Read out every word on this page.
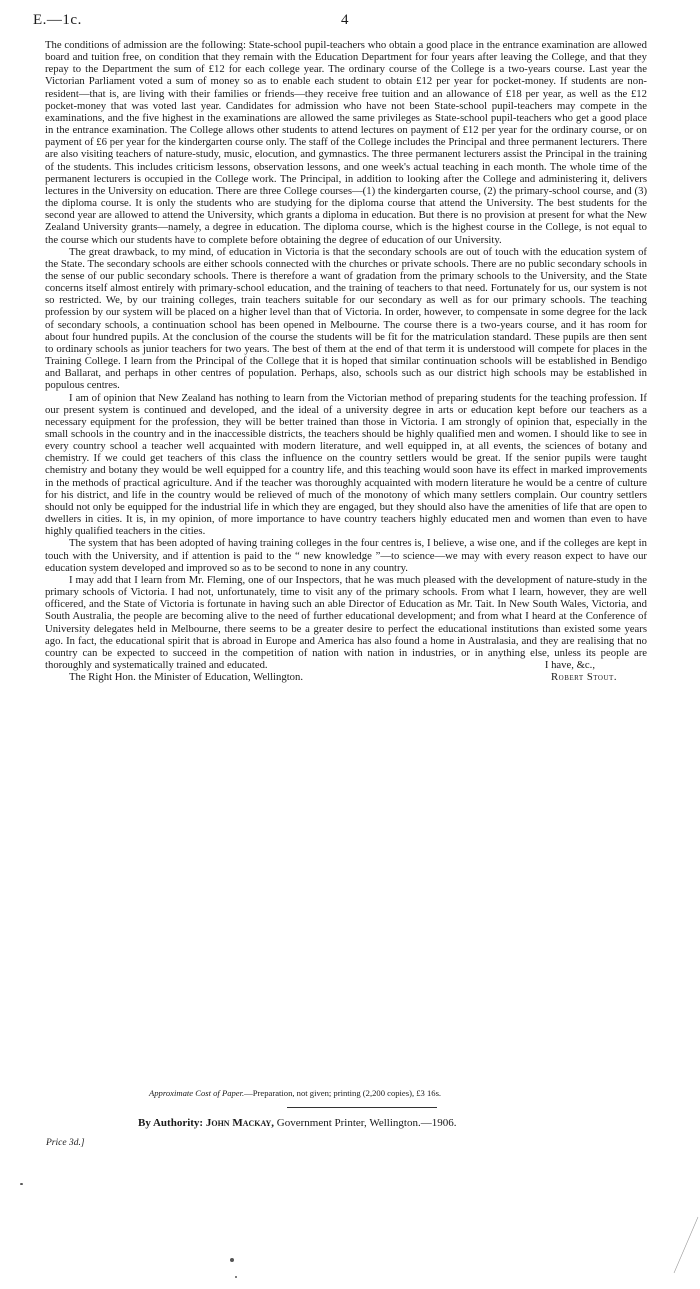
E.—1c.	4

The conditions of admission are the following: State-school pupil-teachers who obtain a good place in the entrance examination are allowed board and tuition free, on condition that they remain with the Education Department for four years after leaving the College, and that they repay to the Department the sum of £12 for each college year. The ordinary course of the College is a two-years course. Last year the Victorian Parliament voted a sum of money so as to enable each student to obtain £12 per year for pocket-money. If students are non-resident—that is, are living with their families or friends—they receive free tuition and an allowance of £18 per year, as well as the £12 pocket-money that was voted last year. Candidates for admission who have not been State-school pupil-teachers may compete in the examinations, and the five highest in the examinations are allowed the same privileges as State-school pupil-teachers who get a good place in the entrance examination. The College allows other students to attend lectures on payment of £12 per year for the ordinary course, or on payment of £6 per year for the kindergarten course only. The staff of the College includes the Principal and three permanent lecturers. There are also visiting teachers of nature-study, music, elocution, and gymnastics. The three permanent lecturers assist the Principal in the training of the students. This includes criticism lessons, observation lessons, and one week's actual teaching in each month. The whole time of the permanent lecturers is occupied in the College work. The Principal, in addition to looking after the College and administering it, delivers lectures in the University on education. There are three College courses—(1) the kindergarten course, (2) the primary-school course, and (3) the diploma course. It is only the students who are studying for the diploma course that attend the University. The best students for the second year are allowed to attend the University, which grants a diploma in education. But there is no provision at present for what the New Zealand University grants—namely, a degree in education. The diploma course, which is the highest course in the College, is not equal to the course which our students have to complete before obtaining the degree of education of our University.

The great drawback, to my mind, of education in Victoria is that the secondary schools are out of touch with the education system of the State. The secondary schools are either schools connected with the churches or private schools. There are no public secondary schools in the sense of our public secondary schools. There is therefore a want of gradation from the primary schools to the University, and the State concerns itself almost entirely with primary-school education, and the training of teachers to that need. Fortunately for us, our system is not so restricted. We, by our training colleges, train teachers suitable for our secondary as well as for our primary schools. The teaching profession by our system will be placed on a higher level than that of Victoria. In order, however, to compensate in some degree for the lack of secondary schools, a continuation school has been opened in Melbourne. The course there is a two-years course, and it has room for about four hundred pupils. At the conclusion of the course the students will be fit for the matriculation standard. These pupils are then sent to ordinary schools as junior teachers for two years. The best of them at the end of that term it is understood will compete for places in the Training College. I learn from the Principal of the College that it is hoped that similar continuation schools will be established in Bendigo and Ballarat, and perhaps in other centres of population. Perhaps, also, schools such as our district high schools may be established in populous centres.

I am of opinion that New Zealand has nothing to learn from the Victorian method of preparing students for the teaching profession. If our present system is continued and developed, and the ideal of a university degree in arts or education kept before our teachers as a necessary equipment for the profession, they will be better trained than those in Victoria. I am strongly of opinion that, especially in the small schools in the country and in the inaccessible districts, the teachers should be highly qualified men and women. I should like to see in every country school a teacher well acquainted with modern literature, and well equipped in, at all events, the sciences of botany and chemistry. If we could get teachers of this class the influence on the country settlers would be great. If the senior pupils were taught chemistry and botany they would be well equipped for a country life, and this teaching would soon have its effect in marked improvements in the methods of practical agriculture. And if the teacher was thoroughly acquainted with modern literature he would be a centre of culture for his district, and life in the country would be relieved of much of the monotony of which many settlers complain. Our country settlers should not only be equipped for the industrial life in which they are engaged, but they should also have the amenities of life that are open to dwellers in cities. It is, in my opinion, of more importance to have country teachers highly educated men and women than even to have highly qualified teachers in the cities.

The system that has been adopted of having training colleges in the four centres is, I believe, a wise one, and if the colleges are kept in touch with the University, and if attention is paid to the “ new knowledge ”—to science—we may with every reason expect to have our education system developed and improved so as to be second to none in any country.

I may add that I learn from Mr. Fleming, one of our Inspectors, that he was much pleased with the development of nature-study in the primary schools of Victoria. I had not, unfortunately, time to visit any of the primary schools. From what I learn, however, they are well officered, and the State of Victoria is fortunate in having such an able Director of Education as Mr. Tait. In New South Wales, Victoria, and South Australia, the people are becoming alive to the need of further educational development; and from what I heard at the Conference of University delegates held in Melbourne, there seems to be a greater desire to perfect the educational institutions than existed some years ago. In fact, the educational spirit that is abroad in Europe and America has also found a home in Australasia, and they are realising that no country can be expected to succeed in the competition of nation with nation in industries, or in anything else, unless its people are thoroughly and systematically trained and educated.	I have, &c.,

The Right Hon. the Minister of Education, Wellington.	Robert Stout.
Approximate Cost of Paper.—Preparation, not given; printing (2,200 copies), £3 16s.
By Authority: John Mackay, Government Printer, Wellington.—1906.
Price 3d.]
